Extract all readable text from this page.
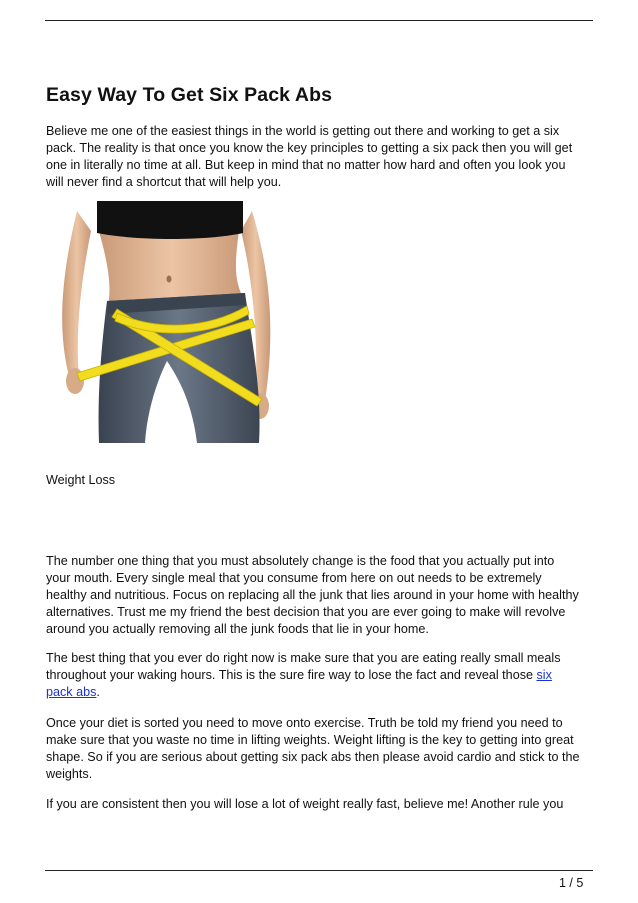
Easy Way To Get Six Pack Abs
Believe me one of the easiest things in the world is getting out there and working to get a six
pack. The reality is that once you know the key principles to getting a six pack then you will get
one in literally no time at all. But keep in mind that no matter how hard and often you look you
will never find a shortcut that will help you.
Weight Loss
The number one thing that you must absolutely change is the food that you actually put into
your mouth. Every single meal that you consume from here on out needs to be extremely
healthy and nutritious. Focus on replacing all the junk that lies around in your home with healthy
alternatives. Trust me my friend the best decision that you are ever going to make will revolve
around you actually removing all the junk foods that lie in your home.
The best thing that you ever do right now is make sure that you are eating really small meals
throughout your waking hours. This is the sure fire way to lose the fact and reveal those six
pack abs.
Once your diet is sorted you need to move onto exercise. Truth be told my friend you need to
make sure that you waste no time in lifting weights. Weight lifting is the key to getting into great
shape. So if you are serious about getting six pack abs then please avoid cardio and stick to the
weights.
If you are consistent then you will lose a lot of weight really fast, believe me! Another rule you
1 / 5
